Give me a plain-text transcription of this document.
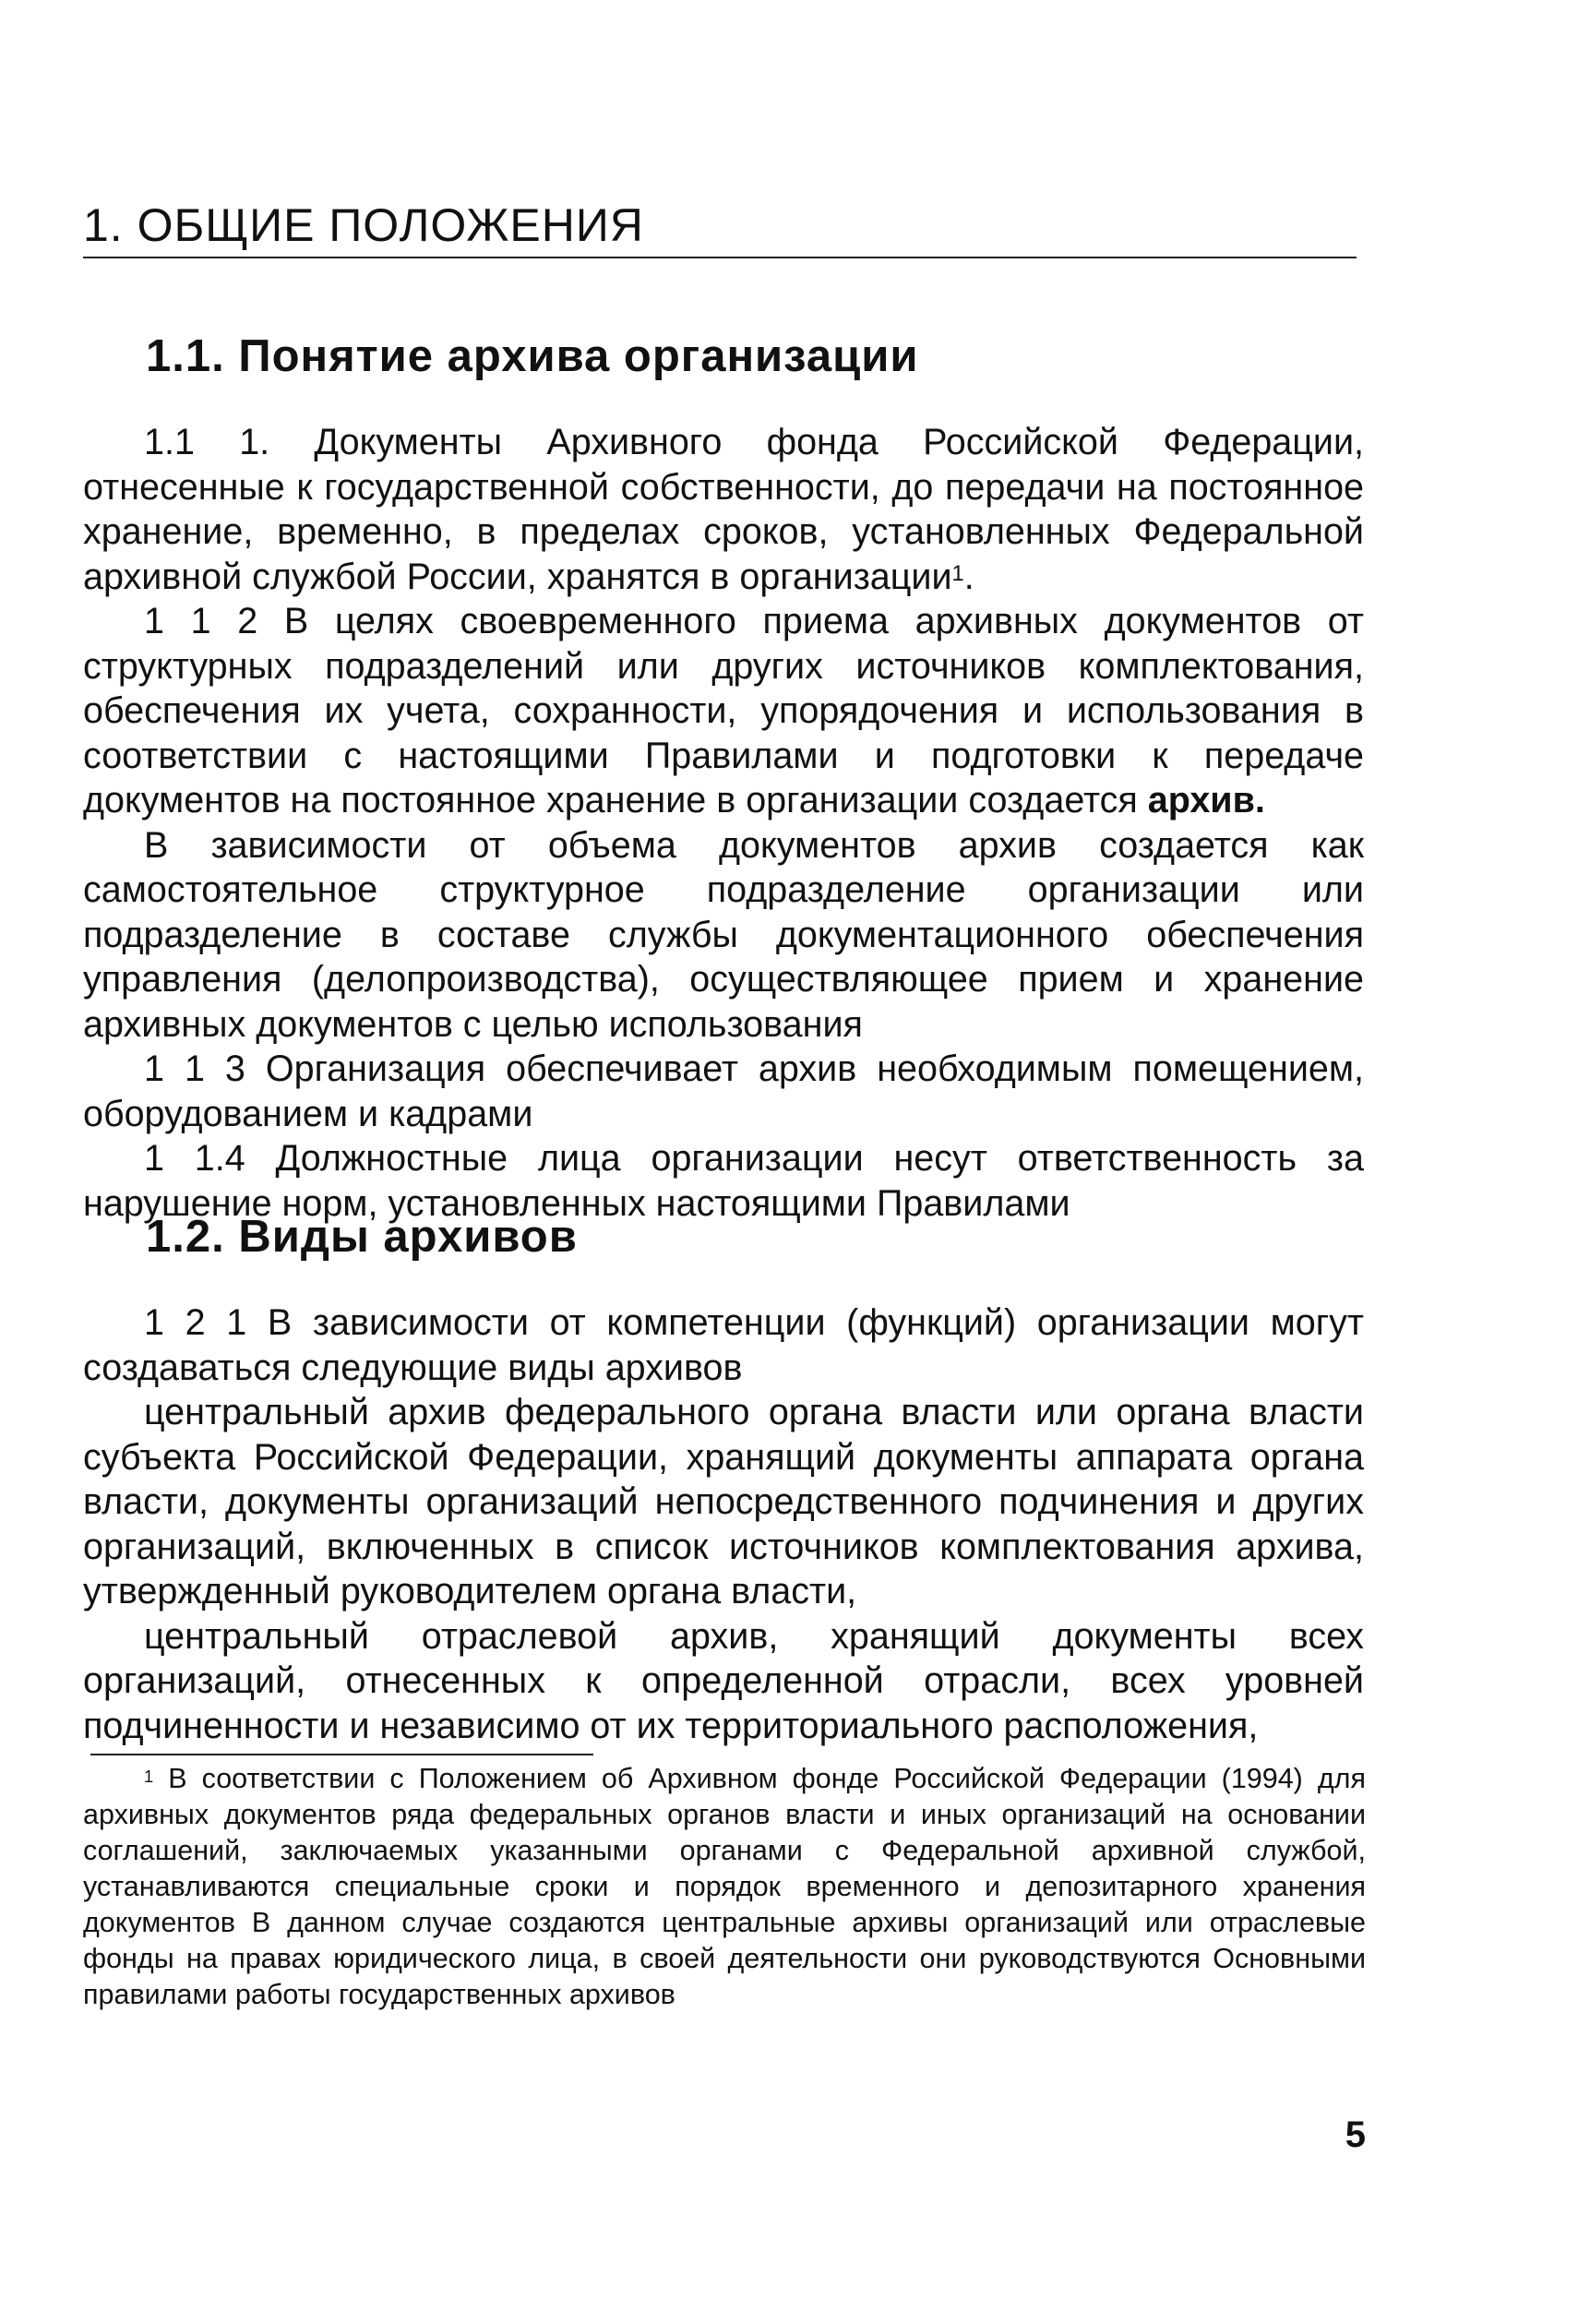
1. ОБЩИЕ ПОЛОЖЕНИЯ
1.1. Понятие архива организации

1.1 1. Документы Архивного фонда Российской Федерации, отнесенные к государственной собственности, до передачи на постоянное хранение, временно, в пределах сроков, установленных Федеральной архивной службой России, хранятся в организации$^1$.

1 1 2 В целях своевременного приема архивных документов от структурных подразделений или других источников комплектования, обеспечения их учета, сохранности, упорядочения и использования в соответствии с настоящими Правилами и подготовки к передаче документов на постоянное хранение в организации создается архив.

В зависимости от объема документов архив создается как самостоятельное структурное подразделение организации или подразделение в составе службы документационного обеспечения управления (делопроизводства), осуществляющее прием и хранение архивных документов с целью использования

1 1 3 Организация обеспечивает архив необходимым помещением, оборудованием и кадрами

1 1.4 Должностные лица организации несут ответственность за нарушение норм, установленных настоящими Правилами

1.2. Виды архивов

1 2 1 В зависимости от компетенции (функций) организации могут создаваться следующие виды архивов

центральный архив федерального органа власти или органа власти субъекта Российской Федерации, хранящий документы аппарата органа власти, документы организаций непосредственного подчинения и других организаций, включенных в список источников комплектования архива, утвержденный руководителем органа власти,

центральный отраслевой архив, хранящий документы всех организаций, отнесенных к определенной отрасли, всех уровней подчиненности и независимо от их территориального расположения,

$^1$ В соответствии с Положением об Архивном фонде Российской Федерации (1994) для архивных документов ряда федеральных органов власти и иных организаций на основании соглашений, заключаемых указанными органами с Федеральной архивной службой, устанавливаются специальные сроки и порядок временного и депозитарного хранения документов В данном случае создаются центральные архивы организаций или отраслевые фонды на правах юридического лица, в своей деятельности они руководствуются Основными правилами работы государственных архивов

5
